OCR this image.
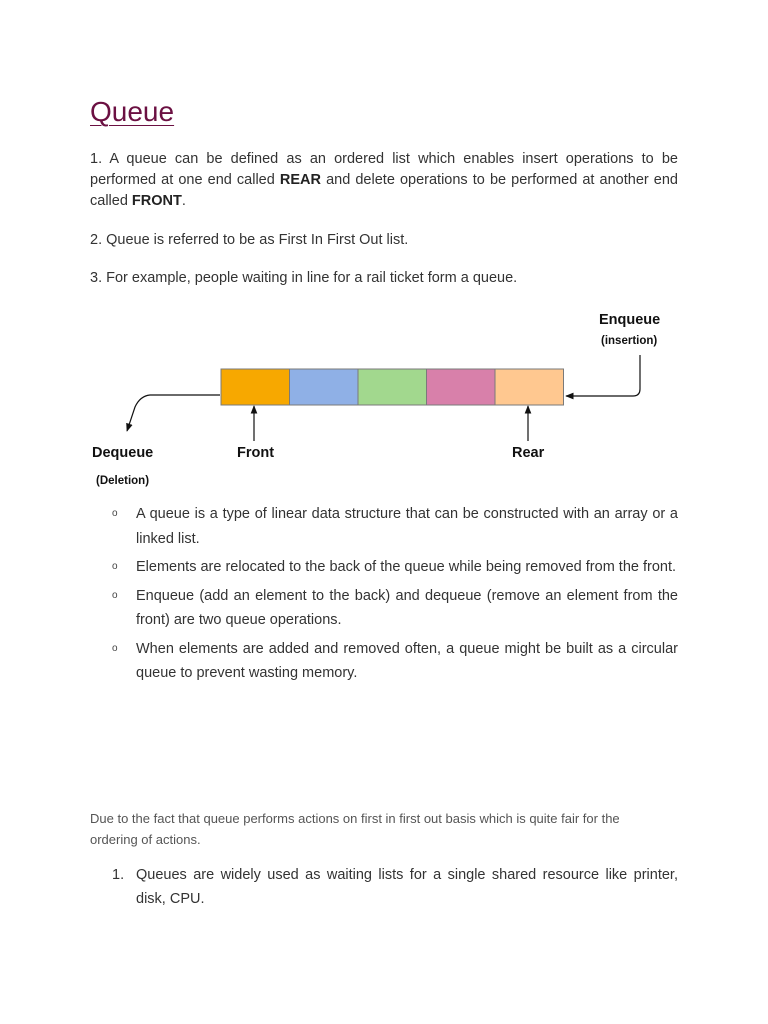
Queue

1. A queue can be defined as an ordered list which enables insert operations to be performed at one end called REAR and delete operations to be performed at another end called FRONT.

2. Queue is referred to be as First In First Out list.

3. For example, people waiting in line for a rail ticket form a queue.

Enqueue
(insertion)
Dequeue
(Deletion)
Front	Rear
o A queue is a type of linear data structure that can be constructed with an array or a linked list.
o Elements are relocated to the back of the queue while being removed from the front.
o Enqueue (add an element to the back) and dequeue (remove an element from the front) are two queue operations.
o When elements are added and removed often, a queue might be built as a circular queue to prevent wasting memory.

Due to the fact that queue performs actions on first in first out basis which is quite fair for the ordering of actions.

1. Queues are widely used as waiting lists for a single shared resource like printer, disk, CPU.
